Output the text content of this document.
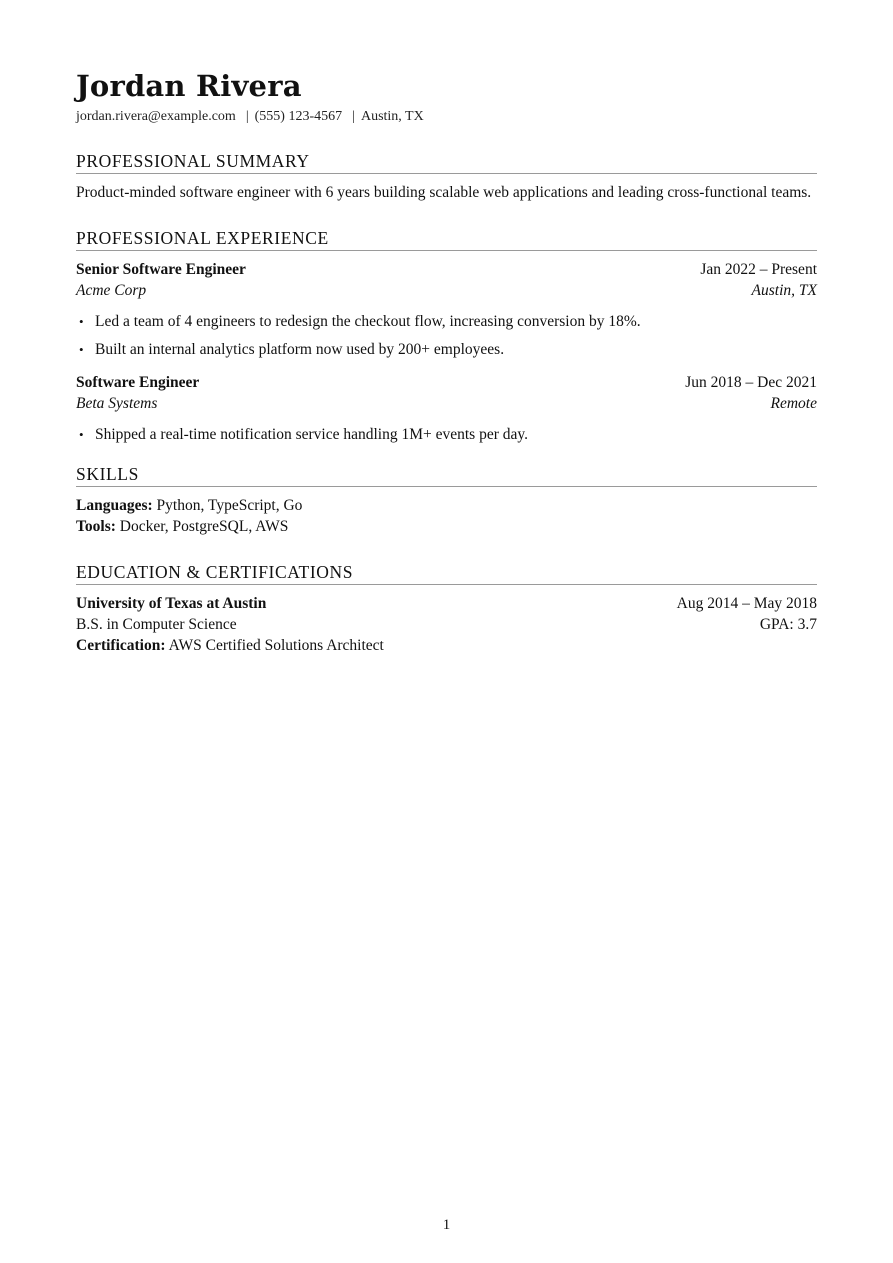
Jordan Rivera
jordan.rivera@example.com | (555) 123-4567 | Austin, TX
PROFESSIONAL SUMMARY

Product-minded software engineer with 6 years building scalable web applications and leading cross-functional teams.

PROFESSIONAL EXPERIENCE
Senior Software Engineer	Jan 2022 – Present
Acme Corp	Austin, TX
• Led a team of 4 engineers to redesign the checkout flow, increasing conversion by 18%.
• Built an internal analytics platform now used by 200+ employees.
Software Engineer	Jun 2018 – Dec 2021
Beta Systems	Remote
• Shipped a real-time notification service handling 1M+ events per day.
SKILLS
Languages: Python, TypeScript, Go
Tools: Docker, PostgreSQL, AWS
EDUCATION & CERTIFICATIONS
University of Texas at Austin	Aug 2014 – May 2018
B.S. in Computer Science	GPA: 3.7
Certification: AWS Certified Solutions Architect
1
